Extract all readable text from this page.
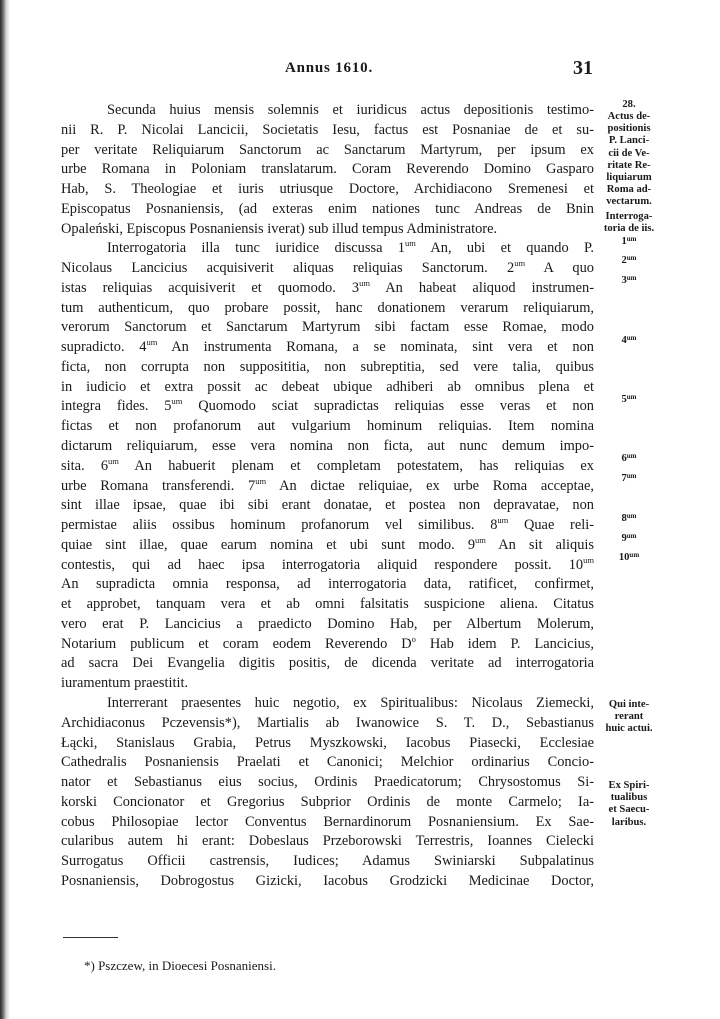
Annus 1610.	31
Secunda huius mensis solemnis et iuridicus actus depositionis testimo-
nii R. P. Nicolai Lancicii, Societatis Iesu, factus est Posnaniae de et su-
per veritate Reliquiarum Sanctorum ac Sanctarum Martyrum, per ipsum ex
urbe Romana in Poloniam translatarum. Coram Reverendo Domino Gasparo
Hab, S. Theologiae et iuris utriusque Doctore, Archidiacono Sremenesi et
Episcopatus Posnaniensis, (ad exteras enim nationes tunc Andreas de Bnin
Opaleński, Episcopus Posnaniensis iverat) sub illud tempus Administratore.
Interrogatoria illa tunc iuridice discussa $1^{um}$ An, ubi et quando P.
Nicolaus Lancicius acquisiverit aliquas reliquias Sanctorum. $2^{um}$ A quo
istas reliquias acquisiverit et quomodo. $3^{um}$ An habeat aliquod instrumen-
tum authenticum, quo probare possit, hanc donationem verarum reliquiarum,
verorum Sanctorum et Sanctarum Martyrum sibi factam esse Romae, modo
supradicto. $4^{um}$ An instrumenta Romana, a se nominata, sint vera et non
ficta, non corrupta non supposititia, non subreptitia, sed vere talia, quibus
in iudicio et extra possit ac debeat ubique adhiberi ab omnibus plena et
integra fides. $5^{um}$ Quomodo sciat supradictas reliquias esse veras et non
fictas et non profanorum aut vulgarium hominum reliquias. Item nomina
dictarum reliquiarum, esse vera nomina non ficta, aut nunc demum impo-
sita. $6^{um}$ An habuerit plenam et completam potestatem, has reliquias ex
urbe Romana transferendi. $7^{um}$ An dictae reliquiae, ex urbe Roma acceptae,
sint illae ipsae, quae ibi sibi erant donatae, et postea non depravatae, non
permistae aliis ossibus hominum profanorum vel similibus. $8^{um}$ Quae reli-
quiae sint illae, quae earum nomina et ubi sunt modo. $9^{um}$ An sit aliquis
contestis, qui ad haec ipsa interrogatoria aliquid respondere possit. $10^{um}$
An supradicta omnia responsa, ad interrogatoria data, ratificet, confirmet,
et approbet, tanquam vera et ab omni falsitatis suspicione aliena. Citatus
vero erat P. Lancicius a praedicto Domino Hab, per Albertum Molerum,
Notarium publicum et coram eodem Reverendo $D^o$ Hab idem P. Lancicius,
ad sacra Dei Evangelia digitis positis, de dicenda veritate ad interrogatoria
iuramentum praestitit.
Interrerant praesentes huic negotio, ex Spiritualibus: Nicolaus Ziemecki,
Archidiaconus Pczevensis*), Martialis ab Iwanowice S. T. D., Sebastianus
Łącki, Stanislaus Grabia, Petrus Myszkowski, Iacobus Piasecki, Ecclesiae
Cathedralis Posnaniensis Praelati et Canonici; Melchior ordinarius Concio-
nator et Sebastianus eius socius, Ordinis Praedicatorum; Chrysostomus Si-
korski Concionator et Gregorius Subprior Ordinis de monte Carmelo; Ia-
cobus Philosopiae lector Conventus Bernardinorum Posnaniensium. Ex Sae-
cularibus autem hi erant: Dobeslaus Przeborowski Terrestris, Ioannes Cielecki
Surrogatus Officii castrensis, Iudices; Adamus Swiniarski Subpalatinus
Posnaniensis, Dobrogostus Gizicki, Iacobus Grodzicki Medicinae Doctor,
28.
Actus de-
positionis
P. Lanci-
cii de Ve-
ritate Re-
liquiarum
Roma ad-
vectarum.
Interroga-
toria de iis.
$1^{um}$
$2^{um}$
$3^{um}$
$4^{um}$
$5^{um}$
$6^{um}$
$7^{um}$
$8^{um}$
$9^{um}$
$10^{um}$
Qui inte-
rerant
huic actui.
Ex Spiri-
tualibus
et Saecu-
laribus.
*) Pszczew, in Dioecesi Posnaniensi.
